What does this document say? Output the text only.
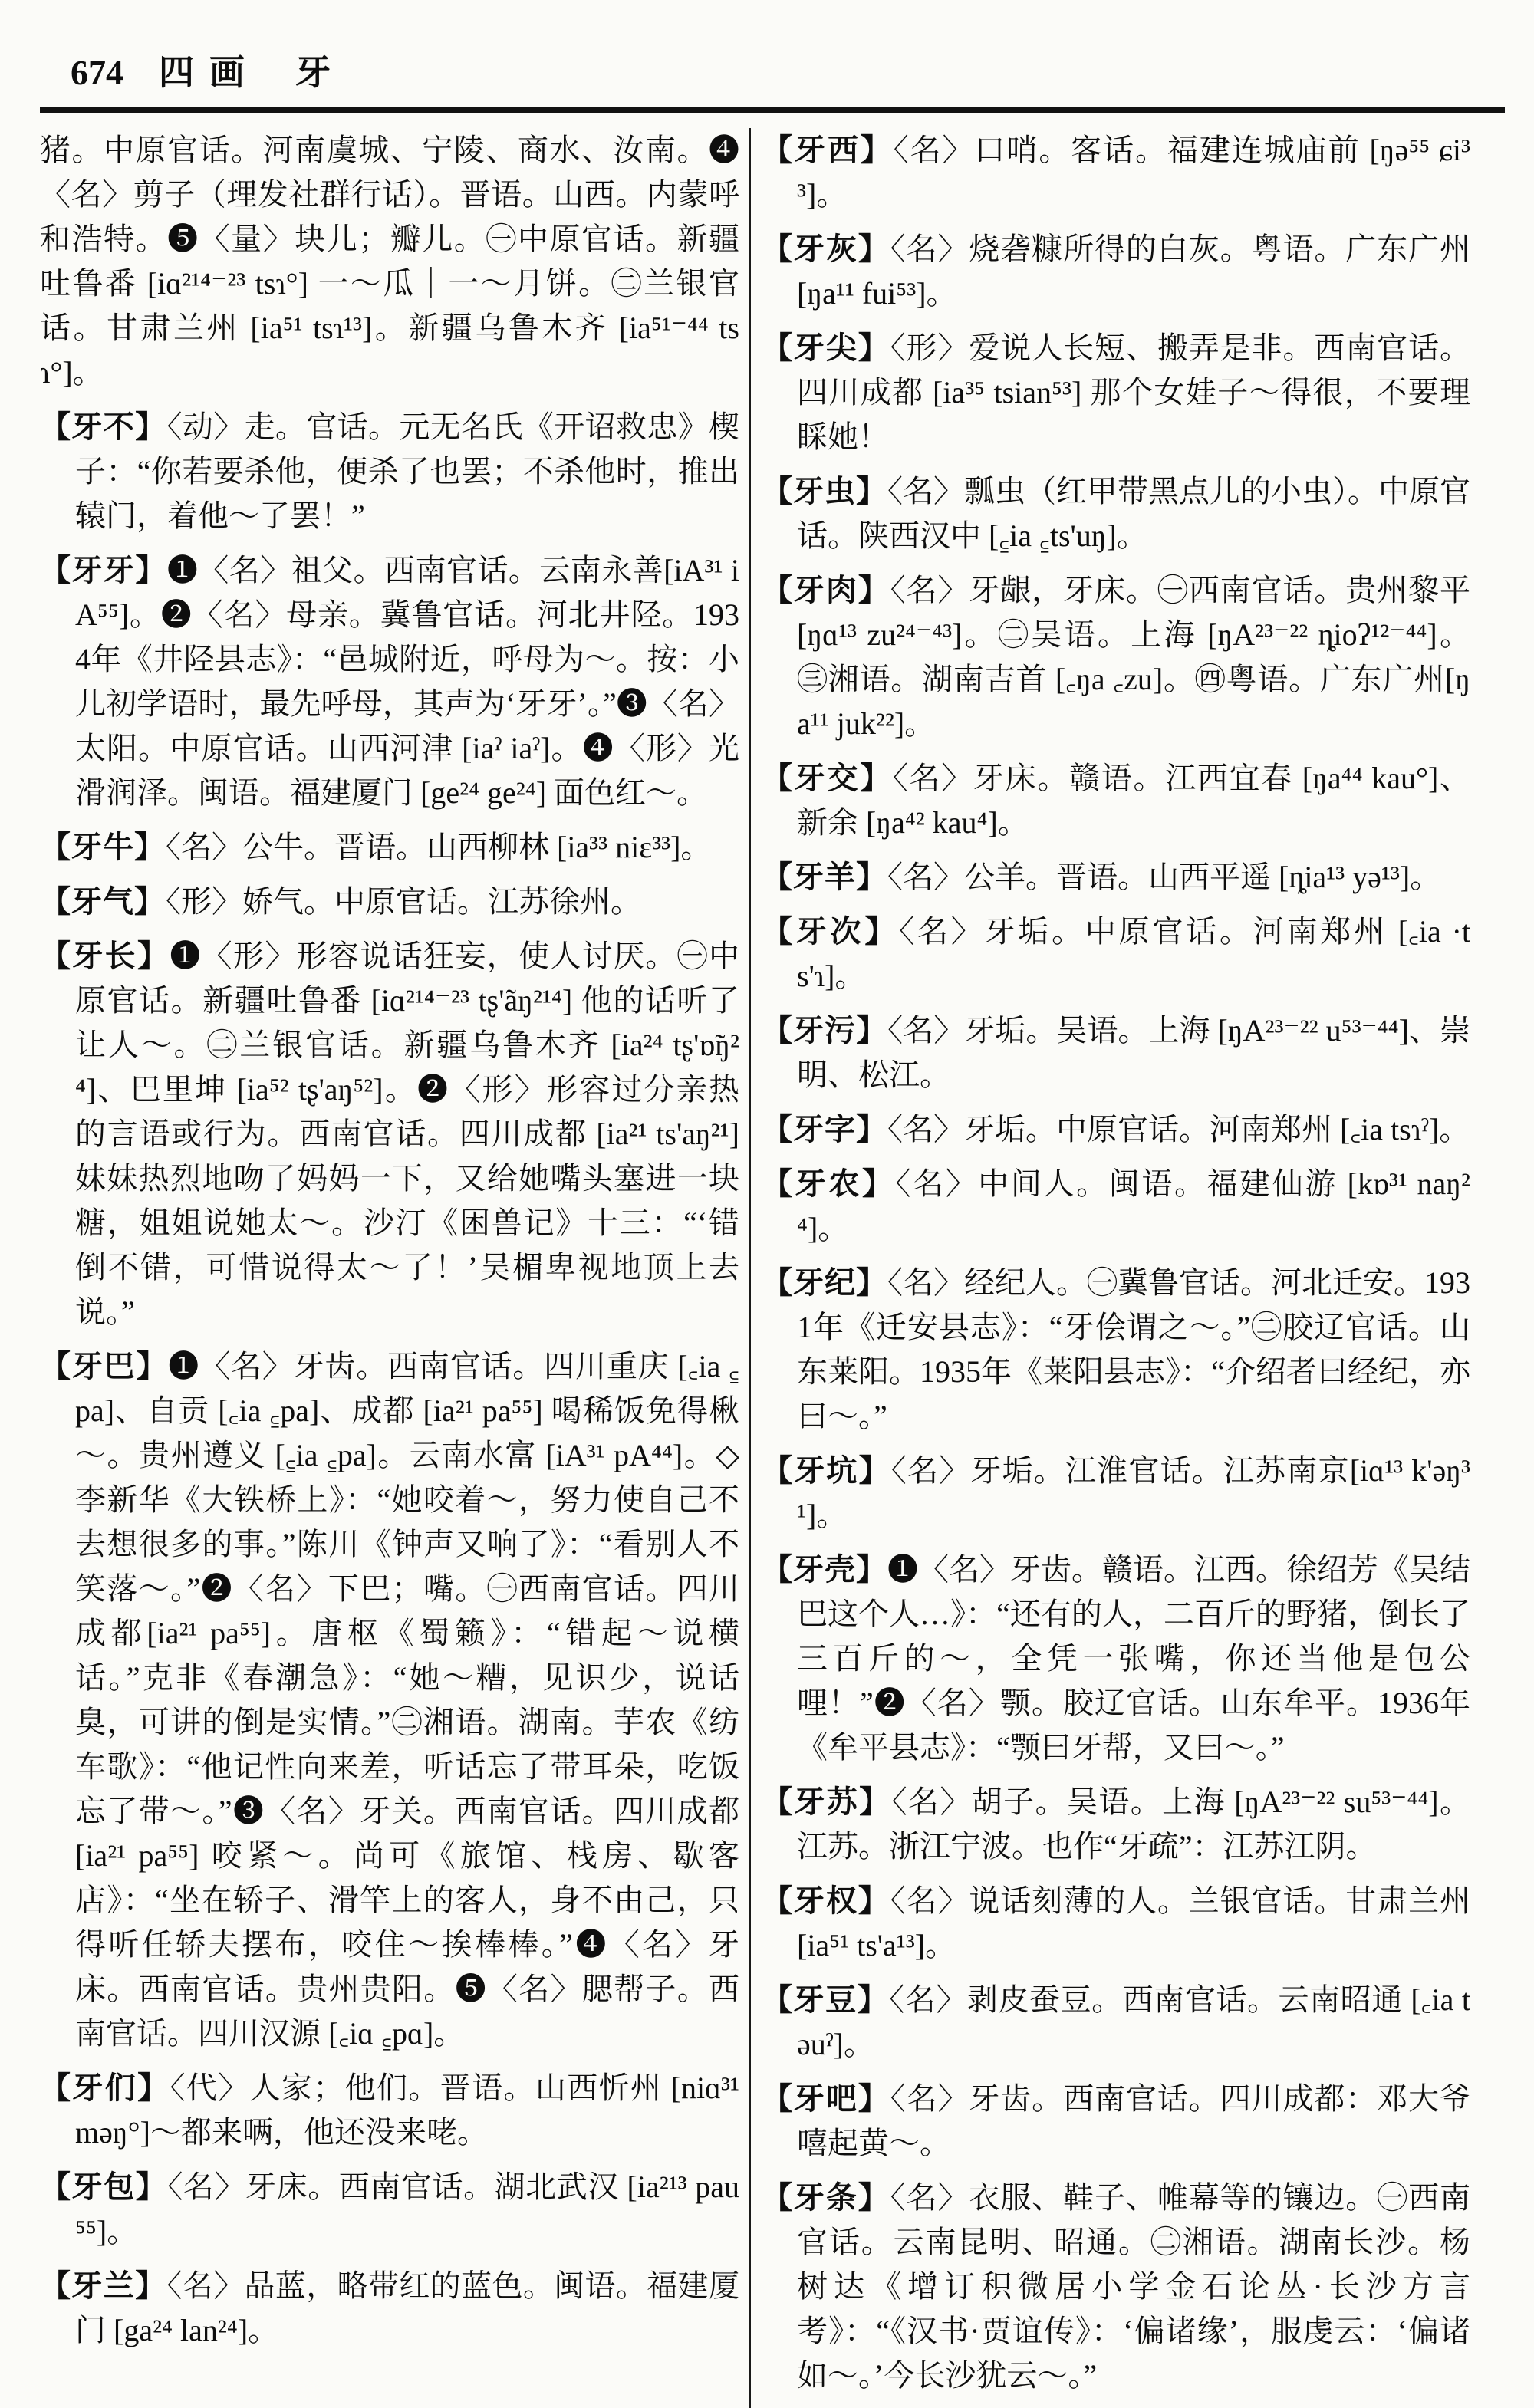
674 四画 牙

猪。中原官话。河南虞城、宁陵、商水、汝南。❹〈名〉剪子（理发社群行话）。晋语。山西。内蒙呼和浩特。❺〈量〉块儿；瓣儿。㊀中原官话。新疆吐鲁番 [iɑ²¹⁴⁻²³ tsɿ°] 一～瓜｜一～月饼。㊁兰银官话。甘肃兰州 [ia⁵¹ tsɿ¹³]。新疆乌鲁木齐 [ia⁵¹⁻⁴⁴ tsɿ°]。

【牙不】〈动〉走。官话。元无名氏《开诏救忠》楔子：“你若要杀他，便杀了也罢；不杀他时，推出辕门，着他～了罢！”

【牙牙】❶〈名〉祖父。西南官话。云南永善[iA³¹ iA⁵⁵]。❷〈名〉母亲。冀鲁官话。河北井陉。1934年《井陉县志》：“邑城附近，呼母为～。按：小儿初学语时，最先呼母，其声为‘牙牙’。”❸〈名〉太阳。中原官话。山西河津 [iaˀ iaˀ]。❹〈形〉光滑润泽。闽语。福建厦门 [ge²⁴ ge²⁴] 面色红～。

【牙牛】〈名〉公牛。晋语。山西柳林 [ia³³ niɛ³³]。

【牙气】〈形〉娇气。中原官话。江苏徐州。

【牙长】❶〈形〉形容说话狂妄，使人讨厌。㊀中原官话。新疆吐鲁番 [iɑ²¹⁴⁻²³ tʂ'ãŋ²¹⁴] 他的话听了让人～。㊁兰银官话。新疆乌鲁木齐 [ia²⁴ tʂ'ɒ̃ŋ²⁴]、巴里坤 [ia⁵² tʂ'aŋ⁵²]。❷〈形〉形容过分亲热的言语或行为。西南官话。四川成都 [ia²¹ ts'aŋ²¹] 妹妹热烈地吻了妈妈一下，又给她嘴头塞进一块糖，姐姐说她太～。沙汀《困兽记》十三：“‘错倒不错，可惜说得太～了！’吴楣卑视地顶上去说。”

【牙巴】❶〈名〉牙齿。西南官话。四川重庆 [꜀ia ꜁pa]、自贡 [꜀ia ꜁pa]、成都 [ia²¹ pa⁵⁵] 喝稀饭免得楸～。贵州遵义 [꜁ia ꜁pa]。云南水富 [iA³¹ pA⁴⁴]。◇李新华《大铁桥上》：“她咬着～，努力使自己不去想很多的事。”陈川《钟声又响了》：“看别人不笑落～。”❷〈名〉下巴；嘴。㊀西南官话。四川成都[ia²¹ pa⁵⁵]。唐枢《蜀籁》：“错起～说横话。”克非《春潮急》：“她～糟，见识少，说话臭，可讲的倒是实情。”㊁湘语。湖南。芋农《纺车歌》：“他记性向来差，听话忘了带耳朵，吃饭忘了带～。”❸〈名〉牙关。西南官话。四川成都 [ia²¹ pa⁵⁵] 咬紧～。尚可《旅馆、栈房、歇客店》：“坐在轿子、滑竿上的客人，身不由己，只得听任轿夫摆布，咬住～挨棒棒。”❹〈名〉牙床。西南官话。贵州贵阳。❺〈名〉腮帮子。西南官话。四川汉源 [꜀iɑ ꜁pɑ]。

【牙们】〈代〉人家；他们。晋语。山西忻州 [niɑ³¹ məŋ°]～都来唡，他还没来咾。

【牙包】〈名〉牙床。西南官话。湖北武汉 [ia²¹³ pau⁵⁵]。

【牙兰】〈名〉品蓝，略带红的蓝色。闽语。福建厦门 [ga²⁴ lan²⁴]。

【牙西】〈名〉口哨。客话。福建连城庙前 [ŋə⁵⁵ ɕi³³]。

【牙灰】〈名〉烧砻糠所得的白灰。粤语。广东广州[ŋa¹¹ fui⁵³]。

【牙尖】〈形〉爱说人长短、搬弄是非。西南官话。四川成都 [ia³⁵ tsian⁵³] 那个女娃子～得很，不要理睬她！

【牙虫】〈名〉瓢虫（红甲带黑点儿的小虫）。中原官话。陕西汉中 [꜁ia ꜁ts'uŋ]。

【牙肉】〈名〉牙龈，牙床。㊀西南官话。贵州黎平[ŋɑ¹³ zu²⁴⁻⁴³]。㊁吴语。上海 [ŋA²³⁻²² ȵioʔ¹²⁻⁴⁴]。㊂湘语。湖南吉首 [꜀ŋa ꜀zu]。㊃粤语。广东广州[ŋa¹¹ juk²²]。

【牙交】〈名〉牙床。赣语。江西宜春 [ŋa⁴⁴ kau°]、新余 [ŋa⁴² kau⁴]。

【牙羊】〈名〉公羊。晋语。山西平遥 [ȵia¹³ yə¹³]。

【牙次】〈名〉牙垢。中原官话。河南郑州 [꜀ia ·ts'ɿ]。

【牙污】〈名〉牙垢。吴语。上海 [ŋA²³⁻²² u⁵³⁻⁴⁴]、崇明、松江。

【牙字】〈名〉牙垢。中原官话。河南郑州 [꜀ia tsɿˀ]。

【牙农】〈名〉中间人。闽语。福建仙游 [kɒ³¹ naŋ²⁴]。

【牙纪】〈名〉经纪人。㊀冀鲁官话。河北迁安。1931年《迁安县志》：“牙侩谓之～。”㊁胶辽官话。山东莱阳。1935年《莱阳县志》：“介绍者曰经纪，亦曰～。”

【牙坑】〈名〉牙垢。江淮官话。江苏南京[iɑ¹³ k'əŋ³¹]。

【牙壳】❶〈名〉牙齿。赣语。江西。徐绍芳《吴结巴这个人…》：“还有的人，二百斤的野猪，倒长了三百斤的～，全凭一张嘴，你还当他是包公哩！”❷〈名〉颚。胶辽官话。山东牟平。1936年《牟平县志》：“颚曰牙帮，又曰～。”

【牙苏】〈名〉胡子。吴语。上海 [ŋA²³⁻²² su⁵³⁻⁴⁴]。江苏。浙江宁波。也作“牙疏”：江苏江阴。

【牙权】〈名〉说话刻薄的人。兰银官话。甘肃兰州[ia⁵¹ ts'a¹³]。

【牙豆】〈名〉剥皮蚕豆。西南官话。云南昭通 [꜀ia təuˀ]。

【牙吧】〈名〉牙齿。西南官话。四川成都：邓大爷嘻起黄～。

【牙条】〈名〉衣服、鞋子、帷幕等的镶边。㊀西南官话。云南昆明、昭通。㊁湘语。湖南长沙。杨树达《增订积微居小学金石论丛·长沙方言考》：“《汉书·贾谊传》：‘偏诸缘’，服虔云：‘偏诸如～。’今长沙犹云～。”
